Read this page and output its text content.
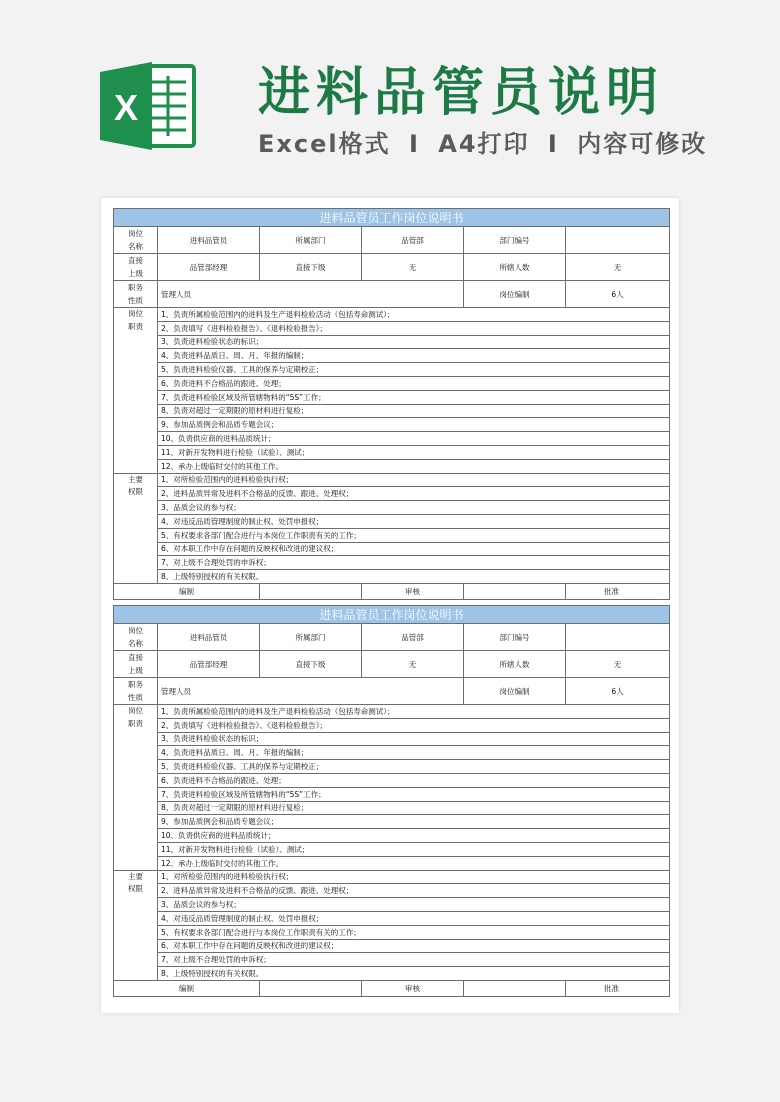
X 进料品管员说明
Excel格式 I A4打印 I 内容可修改
进料品管员工作岗位说明书					
岗位
名称	进料品管员	所属部门	品管部	部门编号	
直接
上级	品管部经理	直接下级	无	所辖人数	无
职务
性质	管理人员			岗位编制	6人
岗位
职责	1、负责所属检验范围内的进料及生产退料检验活动（包括寿命测试）；				
	2、负责填写《进料检验报告》、《退料检验报告》；				
	3、负责进料检验状态的标识；				
	4、负责进料品质日、周、月、年报的编制；				
	5、负责进料检验仪器、工具的保养与定期校正；				
	6、负责进料不合格品的跟进、处理；				
	7、负责进料检验区域及所管辖物料的“5S”工作；				
	8、负责对超过一定期限的原材料进行复检；				
	9、参加品质例会和品质专题会议；				
	10、负责供应商的进料品质统计；				
	11、对新开发物料进行检验（试验）、测试；				
	12、承办上级临时交付的其他工作。				
主要
权限	1、对所检验范围内的进料检验执行权；				
	2、进料品质异常及进料不合格品的反馈、跟进、处理权；				
	3、品质会议的参与权；				
	4、对违反品质管理制度的制止权、处罚申报权；				
	5、有权要求各部门配合进行与本岗位工作职责有关的工作；				
	6、对本职工作中存在问题的反映权和改进的建议权；				
	7、对上级不合理处罚的申诉权；				
	8、上级特别授权的有关权限。				
编制			审核		批准
进料品管员工作岗位说明书					
岗位
名称	进料品管员	所属部门	品管部	部门编号	
直接
上级	品管部经理	直接下级	无	所辖人数	无
职务
性质	管理人员			岗位编制	6人
岗位
职责	1、负责所属检验范围内的进料及生产退料检验活动（包括寿命测试）；				
	2、负责填写《进料检验报告》、《退料检验报告》；				
	3、负责进料检验状态的标识；				
	4、负责进料品质日、周、月、年报的编制；				
	5、负责进料检验仪器、工具的保养与定期校正；				
	6、负责进料不合格品的跟进、处理；				
	7、负责进料检验区域及所管辖物料的“5S”工作；				
	8、负责对超过一定期限的原材料进行复检；				
	9、参加品质例会和品质专题会议；				
	10、负责供应商的进料品质统计；				
	11、对新开发物料进行检验（试验）、测试；				
	12、承办上级临时交付的其他工作。				
主要
权限	1、对所检验范围内的进料检验执行权；				
	2、进料品质异常及进料不合格品的反馈、跟进、处理权；				
	3、品质会议的参与权；				
	4、对违反品质管理制度的制止权、处罚申报权；				
	5、有权要求各部门配合进行与本岗位工作职责有关的工作；				
	6、对本职工作中存在问题的反映权和改进的建议权；				
	7、对上级不合理处罚的申诉权；				
	8、上级特别授权的有关权限。				
编制			审核		批准
